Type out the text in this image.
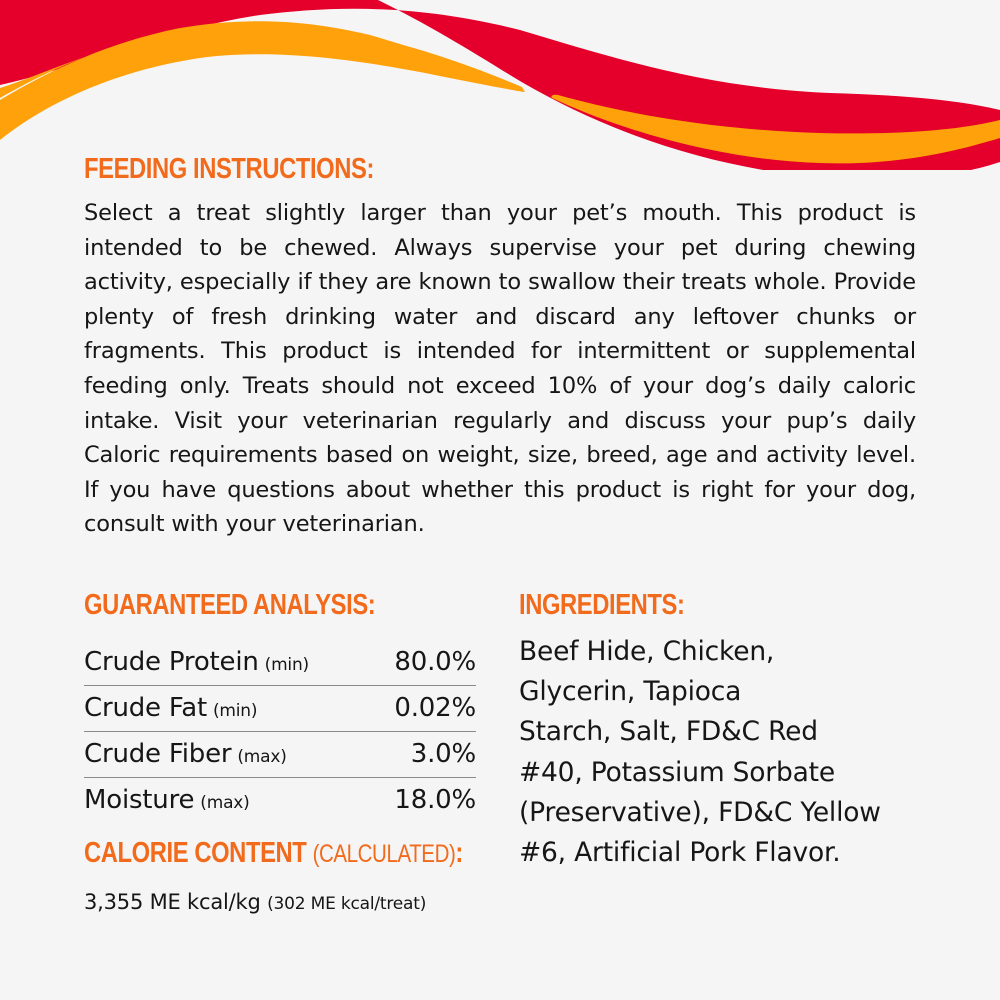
FEEDING INSTRUCTIONS:

Select a treat slightly larger than your pet’s mouth. This product is intended to be chewed. Always supervise your pet during chewing activity, especially if they are known to swallow their treats whole. Provide plenty of fresh drinking water and discard any leftover chunks or fragments. This product is intended for intermittent or supplemental feeding only. Treats should not exceed 10% of your dog’s daily caloric intake. Visit your veterinarian regularly and discuss your pup’s daily Caloric requirements based on weight, size, breed, age and activity level. If you have questions about whether this product is right for your dog, consult with your veterinarian.

GUARANTEED ANALYSIS:
Crude Protein (min)	80.0%
Crude Fat (min)	0.02%
Crude Fiber (max)	3.0%
Moisture (max)	18.0%
CALORIE CONTENT (CALCULATED):
3,355 ME kcal/kg (302 ME kcal/treat)
INGREDIENTS:

Beef Hide, Chicken,
Glycerin, Tapioca
Starch, Salt, FD&C Red
#40, Potassium Sorbate
(Preservative), FD&C Yellow
#6, Artificial Pork Flavor.
